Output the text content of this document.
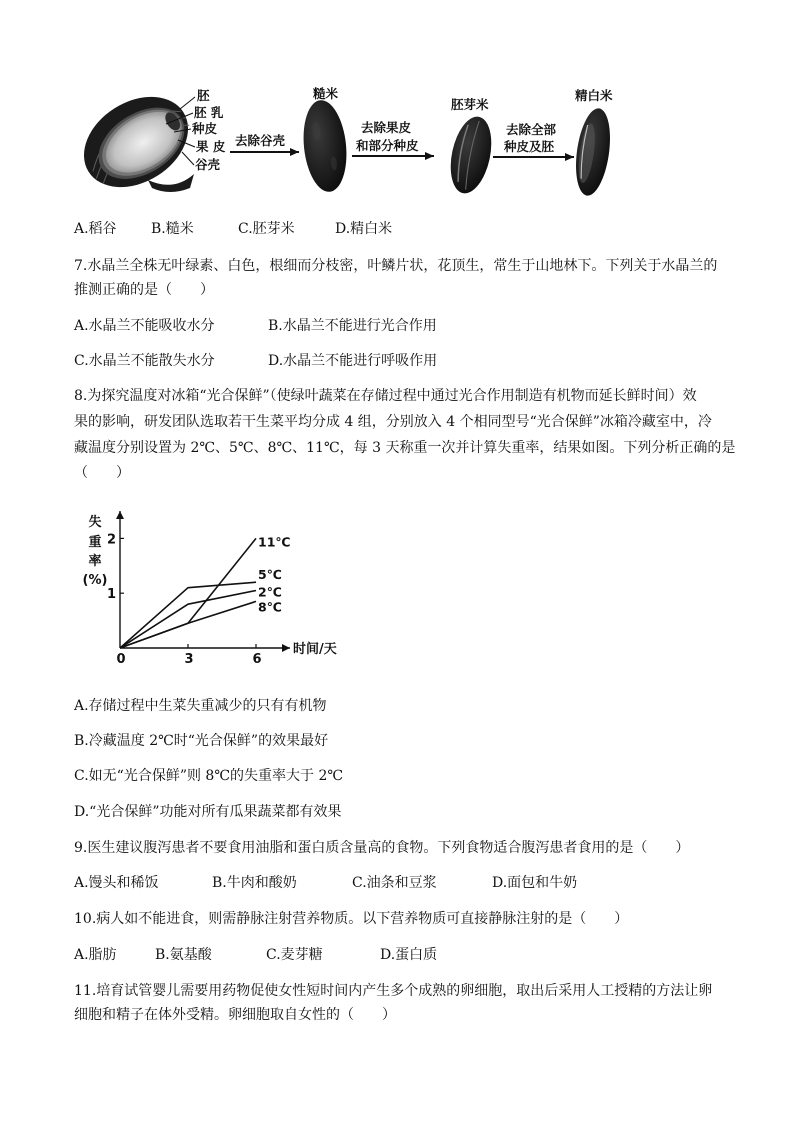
胚
胚 乳
种皮
果 皮
谷壳
去除谷壳
糙米
去除果皮
和部分种皮
胚芽米
去除全部
种皮及胚
精白米
A.稻谷 B.糙米	C.胚芽米	D.精白米
7.水晶兰全株无叶绿素、白色，根细而分枝密，叶鳞片状，花顶生，常生于山地林下。下列关于水晶兰的
推测正确的是（　　）
A.水晶兰不能吸收水分	B.水晶兰不能进行光合作用
C.水晶兰不能散失水分	D.水晶兰不能进行呼吸作用
8.为探究温度对冰箱“光合保鲜”（使绿叶蔬菜在存储过程中通过光合作用制造有机物而延长鲜时间）效
果的影响，研发团队选取若干生菜平均分成 4 组，分别放入 4 个相同型号“光合保鲜”冰箱冷藏室中，冷
藏温度分别设置为 2℃、5℃、8℃、11℃，每 3 天称重一次并计算失重率，结果如图。下列分析正确的是
（　　）
失
重
率
(%)
时间/天
1
2
0	3	6
11℃
5℃
2℃
8℃
A.存储过程中生菜失重减少的只有有机物
B.冷藏温度 2℃时“光合保鲜”的效果最好
C.如无“光合保鲜”则 8℃的失重率大于 2℃
D.“光合保鲜”功能对所有瓜果蔬菜都有效果
9.医生建议腹泻患者不要食用油脂和蛋白质含量高的食物。下列食物适合腹泻患者食用的是（　　）
A.馒头和稀饭	B.牛肉和酸奶	C.油条和豆浆	D.面包和牛奶
10.病人如不能进食，则需静脉注射营养物质。以下营养物质可直接静脉注射的是（　　）
A.脂肪	B.氨基酸	C.麦芽糖	D.蛋白质
11.培育试管婴儿需要用药物促使女性短时间内产生多个成熟的卵细胞，取出后采用人工授精的方法让卵
细胞和精子在体外受精。卵细胞取自女性的（　　）
